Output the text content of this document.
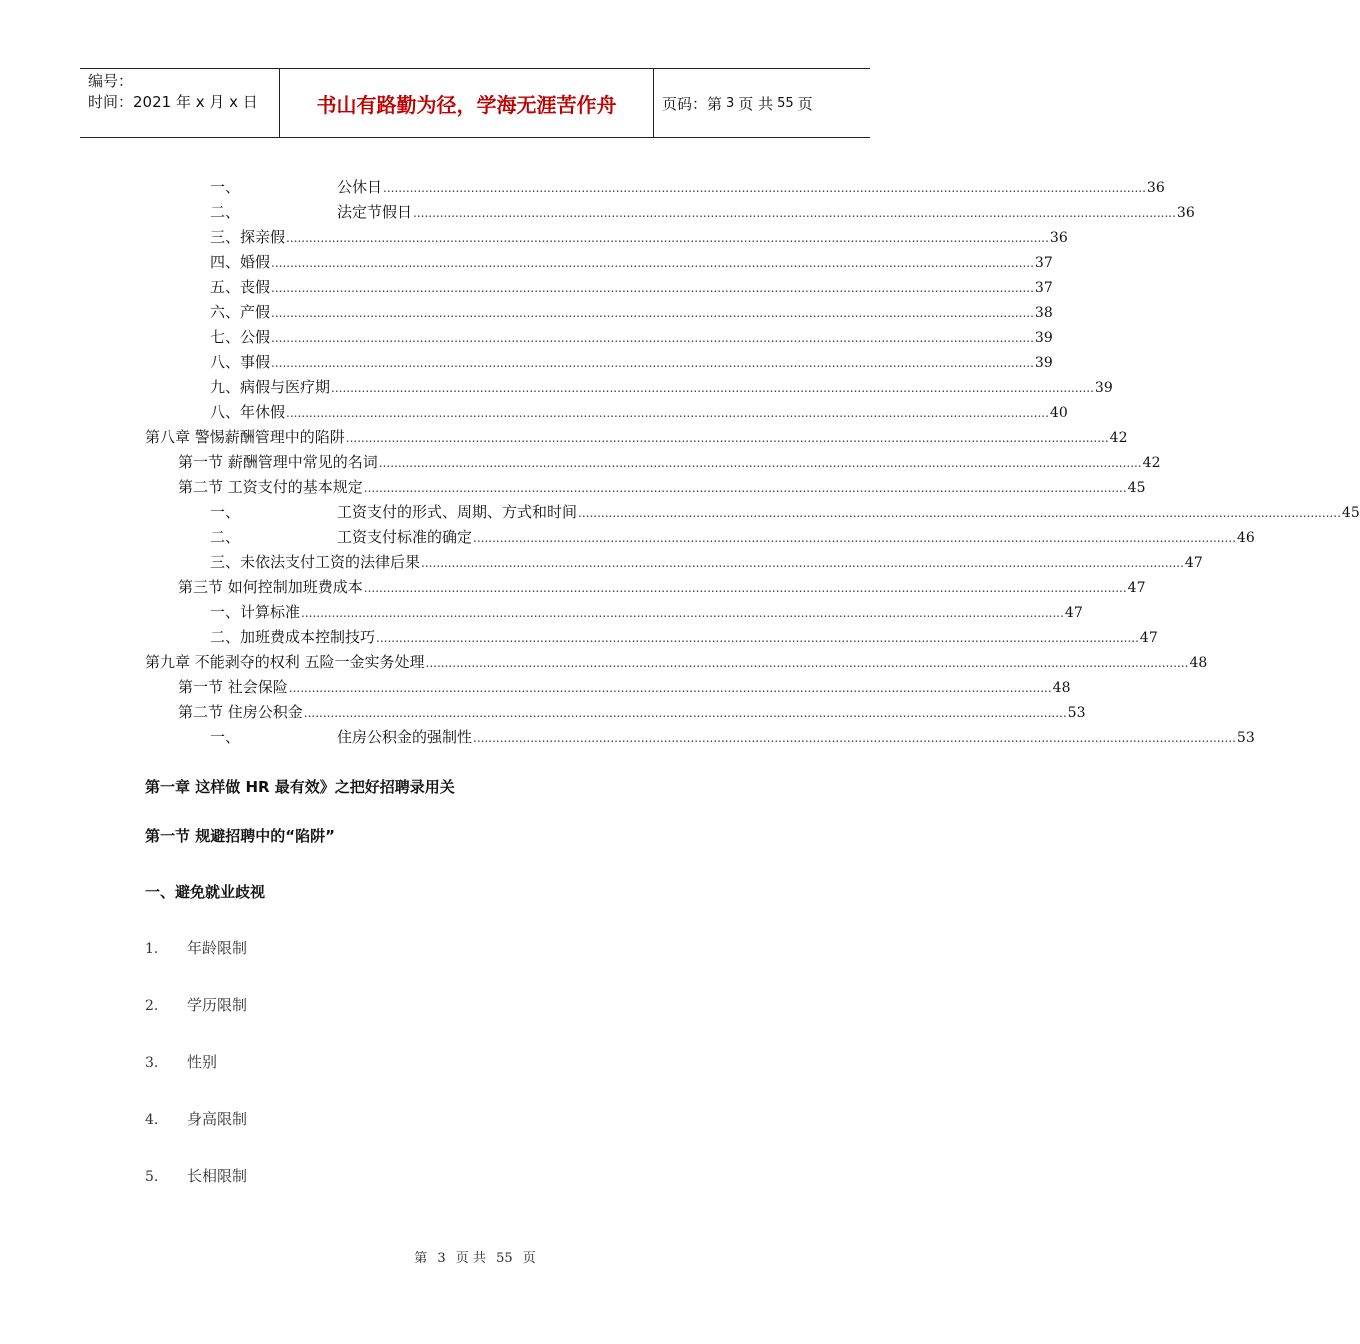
编号：
时间：2021 年 x 月 x 日	书山有路勤为径，学海无涯苦作舟	页码：第 3 页 共 55 页
一、	公休日 ........................................................................................................................................................................................................ 36
二、	法定节假日 ........................................................................................................................................................................................................ 36
三、探亲假 ........................................................................................................................................................................................................ 36
四、婚假 ........................................................................................................................................................................................................ 37
五、丧假 ........................................................................................................................................................................................................ 37
六、产假 ........................................................................................................................................................................................................ 38
七、公假 ........................................................................................................................................................................................................ 39
八、事假 ........................................................................................................................................................................................................ 39
九、病假与医疗期 ........................................................................................................................................................................................................ 39
八、年休假 ........................................................................................................................................................................................................ 40
第八章 警惕薪酬管理中的陷阱 ........................................................................................................................................................................................................ 42
第一节 薪酬管理中常见的名词 ........................................................................................................................................................................................................ 42
第二节 工资支付的基本规定 ........................................................................................................................................................................................................ 45
一、	工资支付的形式、周期、方式和时间 ........................................................................................................................................................................................................ 45
二、	工资支付标准的确定 ........................................................................................................................................................................................................ 46
三、未依法支付工资的法律后果 ........................................................................................................................................................................................................ 47
第三节 如何控制加班费成本 ........................................................................................................................................................................................................ 47
一、计算标准 ........................................................................................................................................................................................................ 47
二、加班费成本控制技巧 ........................................................................................................................................................................................................ 47
第九章 不能剥夺的权利 五险一金实务处理 ........................................................................................................................................................................................................ 48
第一节 社会保险 ........................................................................................................................................................................................................ 48
第二节 住房公积金 ........................................................................................................................................................................................................ 53
一、	住房公积金的强制性 ........................................................................................................................................................................................................ 53
第一章 这样做 HR 最有效》之把好招聘录用关
第一节 规避招聘中的“陷阱”
一、避免就业歧视
1. 年龄限制
2. 学历限制
3. 性别
4. 身高限制
5. 长相限制
第 3 页 共 55 页
